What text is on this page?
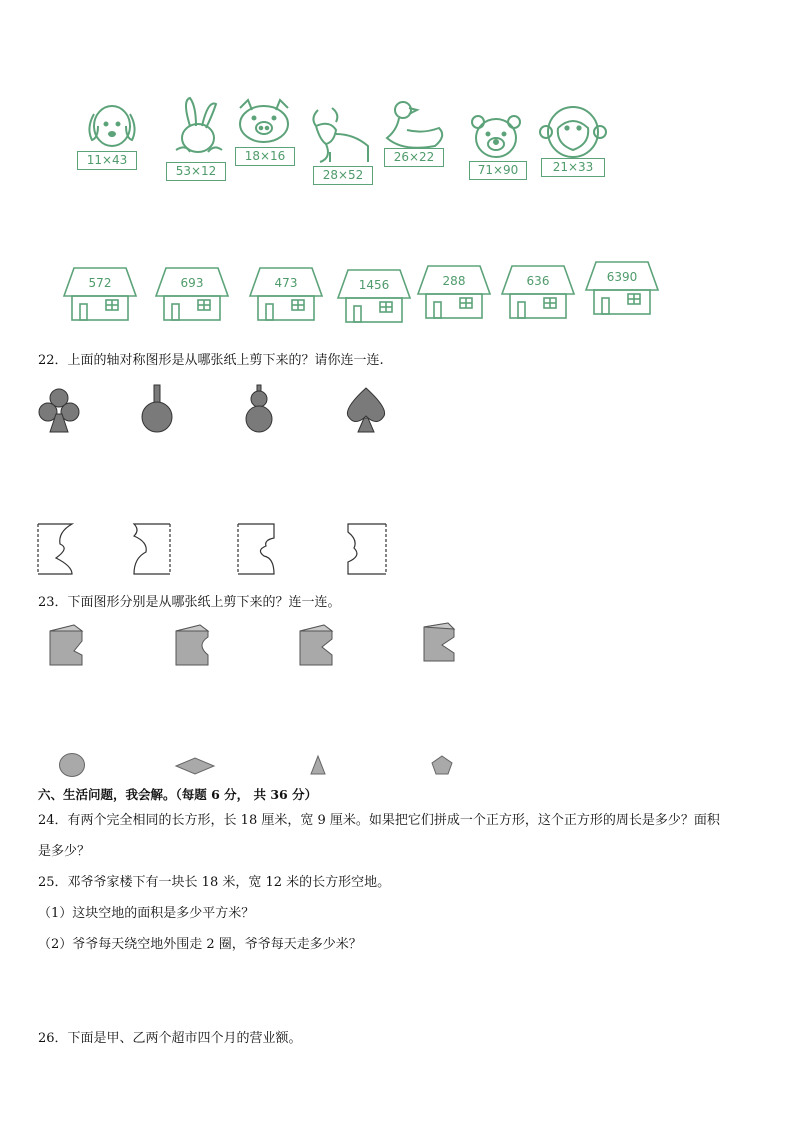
11×43
53×12
18×16
28×52
26×22
71×90	21×33
572	693	473	1456	288	636	6390
22．上面的轴对称图形是从哪张纸上剪下来的？请你连一连.
23．下面图形分别是从哪张纸上剪下来的？连一连。
六、生活问题，我会解。（每题 6 分， 共 36 分）
24．有两个完全相同的长方形，长 18 厘米，宽 9 厘米。如果把它们拼成一个正方形，这个正方形的周长是多少？面积
是多少？
25．邓爷爷家楼下有一块长 18 米，宽 12 米的长方形空地。
（1）这块空地的面积是多少平方米？
（2）爷爷每天绕空地外围走 2 圈，爷爷每天走多少米？
26．下面是甲、乙两个超市四个月的营业额。
